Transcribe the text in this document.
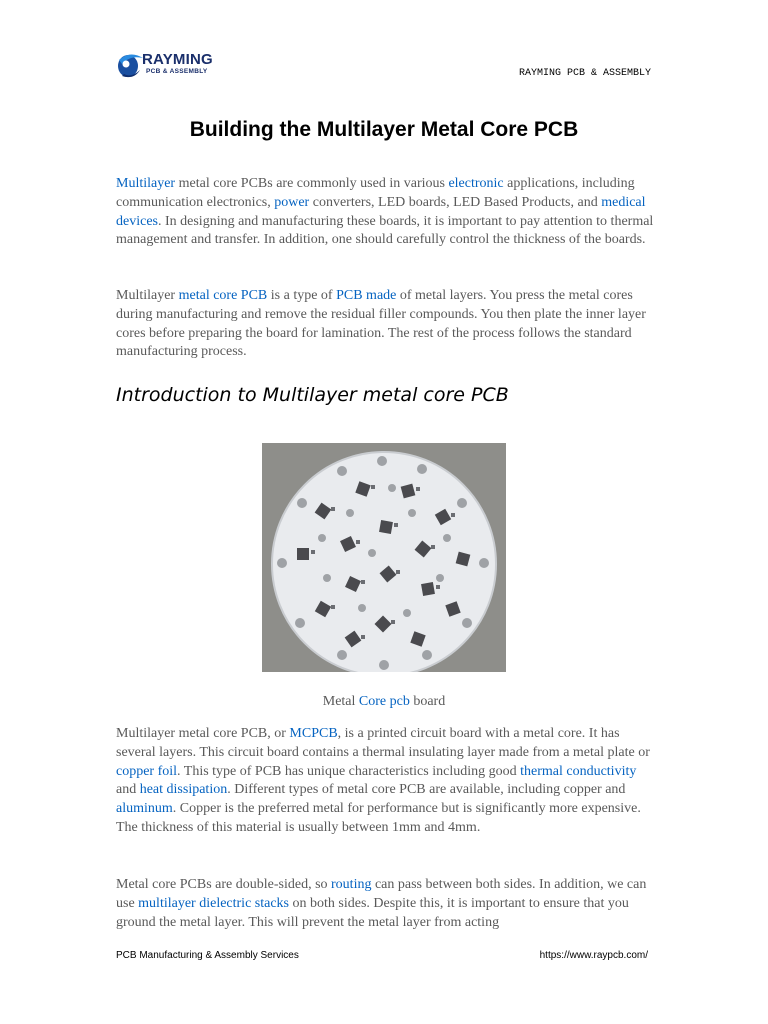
RAYMING
PCB & ASSEMBLY	RAYMING PCB & ASSEMBLY
Building the Multilayer Metal Core PCB

Multilayer metal core PCBs are commonly used in various electronic applications, including communication electronics, power converters, LED boards, LED Based Products, and medical devices. In designing and manufacturing these boards, it is important to pay attention to thermal management and transfer. In addition, one should carefully control the thickness of the boards.

Multilayer metal core PCB is a type of PCB made of metal layers. You press the metal cores during manufacturing and remove the residual filler compounds. You then plate the inner layer cores before preparing the board for lamination. The rest of the process follows the standard manufacturing process.

Introduction to Multilayer metal core PCB
Metal Core pcb board

Multilayer metal core PCB, or MCPCB, is a printed circuit board with a metal core. It has several layers. This circuit board contains a thermal insulating layer made from a metal plate or copper foil. This type of PCB has unique characteristics including good thermal conductivity and heat dissipation. Different types of metal core PCB are available, including copper and aluminum. Copper is the preferred metal for performance but is significantly more expensive. The thickness of this material is usually between 1mm and 4mm.

Metal core PCBs are double-sided, so routing can pass between both sides. In addition, we can use multilayer dielectric stacks on both sides. Despite this, it is important to ensure that you ground the metal layer. This will prevent the metal layer from acting

PCB Manufacturing & Assembly Services	https://www.raypcb.com/
